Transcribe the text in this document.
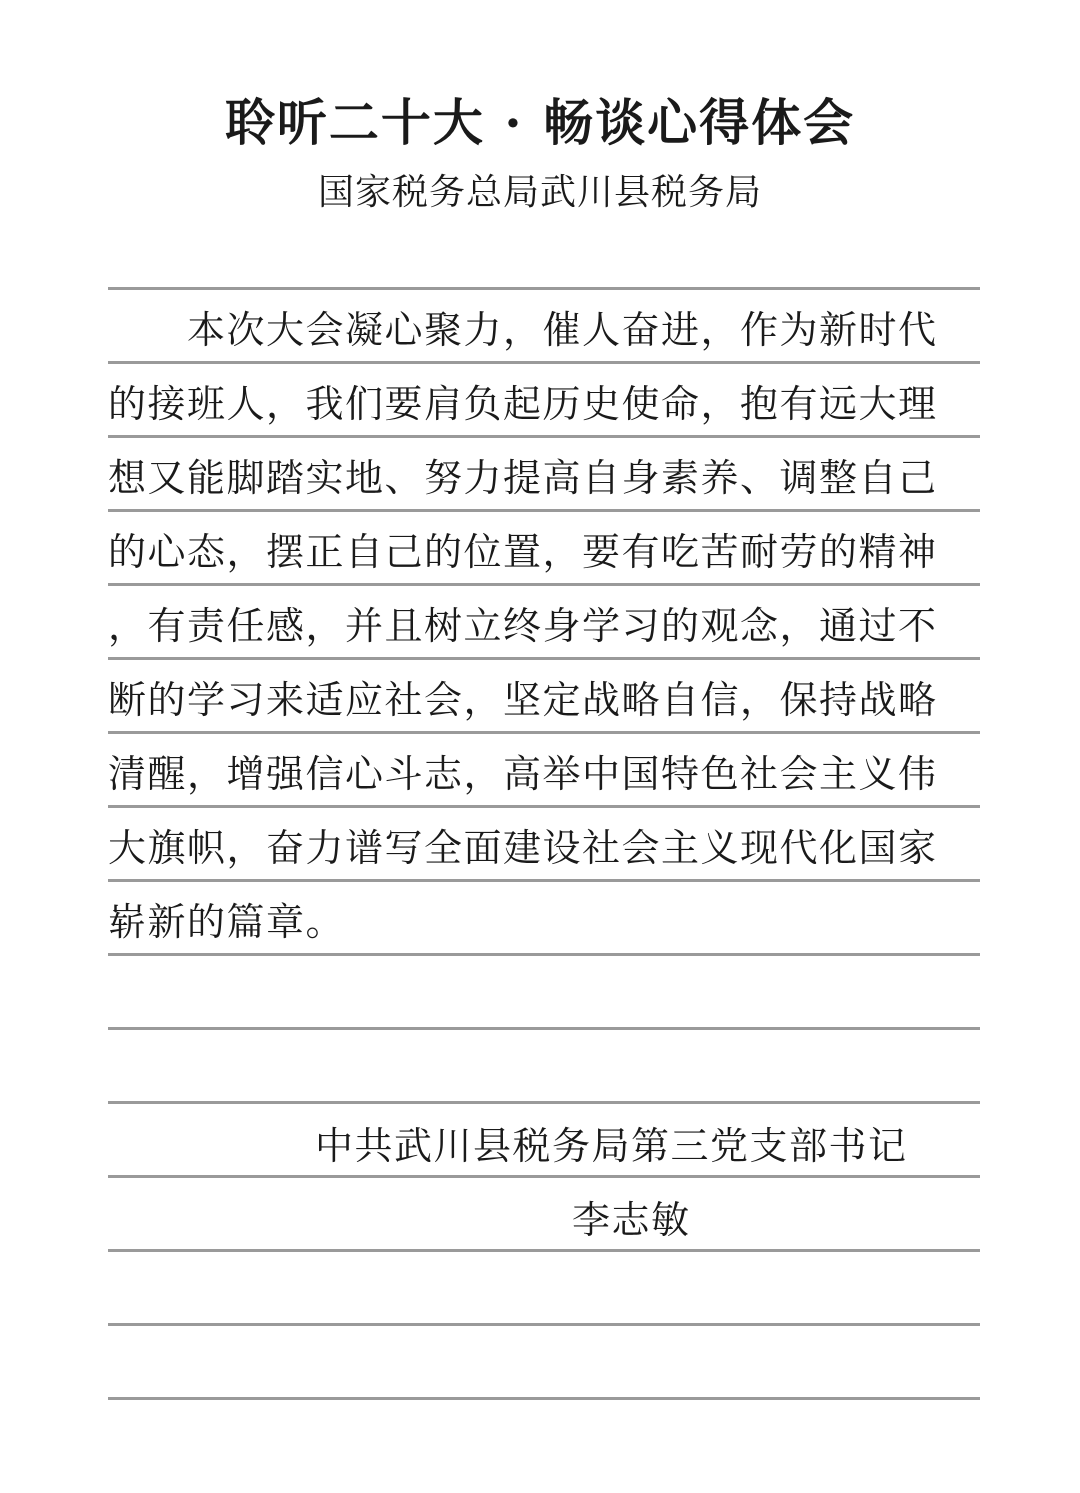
聆听二十大 · 畅谈心得体会
国家税务总局武川县税务局
　　本次大会凝心聚力，催人奋进，作为新时代
的接班人，我们要肩负起历史使命，抱有远大理
想又能脚踏实地、努力提高自身素养、调整自己
的心态，摆正自己的位置，要有吃苦耐劳的精神
，有责任感，并且树立终身学习的观念，通过不
断的学习来适应社会，坚定战略自信，保持战略
清醒，增强信心斗志，高举中国特色社会主义伟
大旗帜，奋力谱写全面建设社会主义现代化国家
崭新的篇章。
中共武川县税务局第三党支部书记
李志敏
